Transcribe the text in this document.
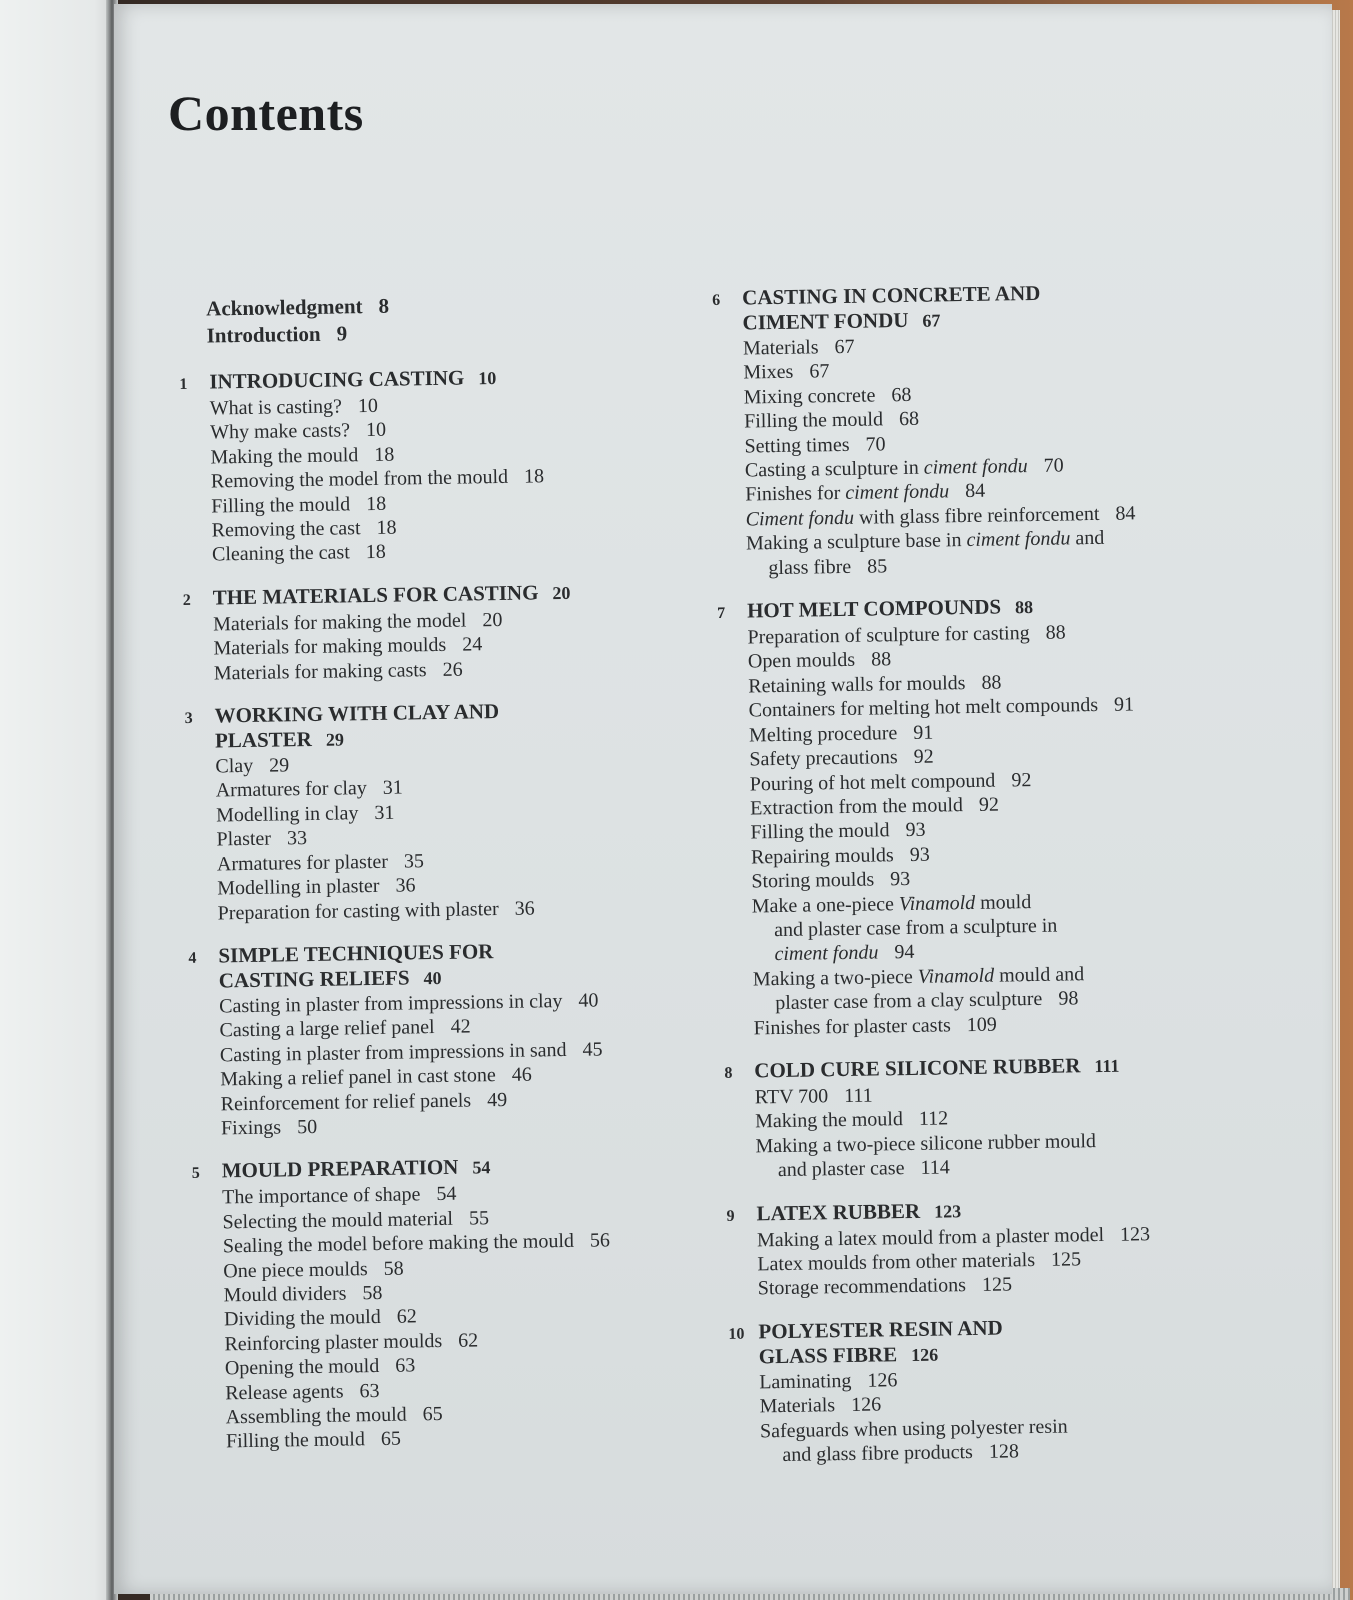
Contents
Acknowledgment 8
Introduction 9
1	INTRODUCING CASTING 10
What is casting? 10
Why make casts? 10
Making the mould 18
Removing the model from the mould 18
Filling the mould 18
Removing the cast 18
Cleaning the cast 18
2	THE MATERIALS FOR CASTING 20
Materials for making the model 20
Materials for making moulds 24
Materials for making casts 26
3	WORKING WITH CLAY AND
PLASTER 29
Clay 29
Armatures for clay 31
Modelling in clay 31
Plaster 33
Armatures for plaster 35
Modelling in plaster 36
Preparation for casting with plaster 36
4	SIMPLE TECHNIQUES FOR
CASTING RELIEFS 40
Casting in plaster from impressions in clay 40
Casting a large relief panel 42
Casting in plaster from impressions in sand 45
Making a relief panel in cast stone 46
Reinforcement for relief panels 49
Fixings 50
5	MOULD PREPARATION 54
The importance of shape 54
Selecting the mould material 55
Sealing the model before making the mould 56
One piece moulds 58
Mould dividers 58
Dividing the mould 62
Reinforcing plaster moulds 62
Opening the mould 63
Release agents 63
Assembling the mould 65
Filling the mould 65
6	CASTING IN CONCRETE AND
CIMENT FONDU 67
Materials 67
Mixes 67
Mixing concrete 68
Filling the mould 68
Setting times 70
Casting a sculpture in ciment fondu 70
Finishes for ciment fondu 84
Ciment fondu with glass fibre reinforcement 84
Making a sculpture base in ciment fondu and
glass fibre 85
7	HOT MELT COMPOUNDS 88
Preparation of sculpture for casting 88
Open moulds 88
Retaining walls for moulds 88
Containers for melting hot melt compounds 91
Melting procedure 91
Safety precautions 92
Pouring of hot melt compound 92
Extraction from the mould 92
Filling the mould 93
Repairing moulds 93
Storing moulds 93
Make a one-piece Vinamold mould
and plaster case from a sculpture in
ciment fondu 94
Making a two-piece Vinamold mould and
plaster case from a clay sculpture 98
Finishes for plaster casts 109
8	COLD CURE SILICONE RUBBER 111
RTV 700 111
Making the mould 112
Making a two-piece silicone rubber mould
and plaster case 114
9	LATEX RUBBER 123
Making a latex mould from a plaster model 123
Latex moulds from other materials 125
Storage recommendations 125
10 POLYESTER RESIN AND
GLASS FIBRE 126
Laminating 126
Materials 126
Safeguards when using polyester resin
and glass fibre products 128
